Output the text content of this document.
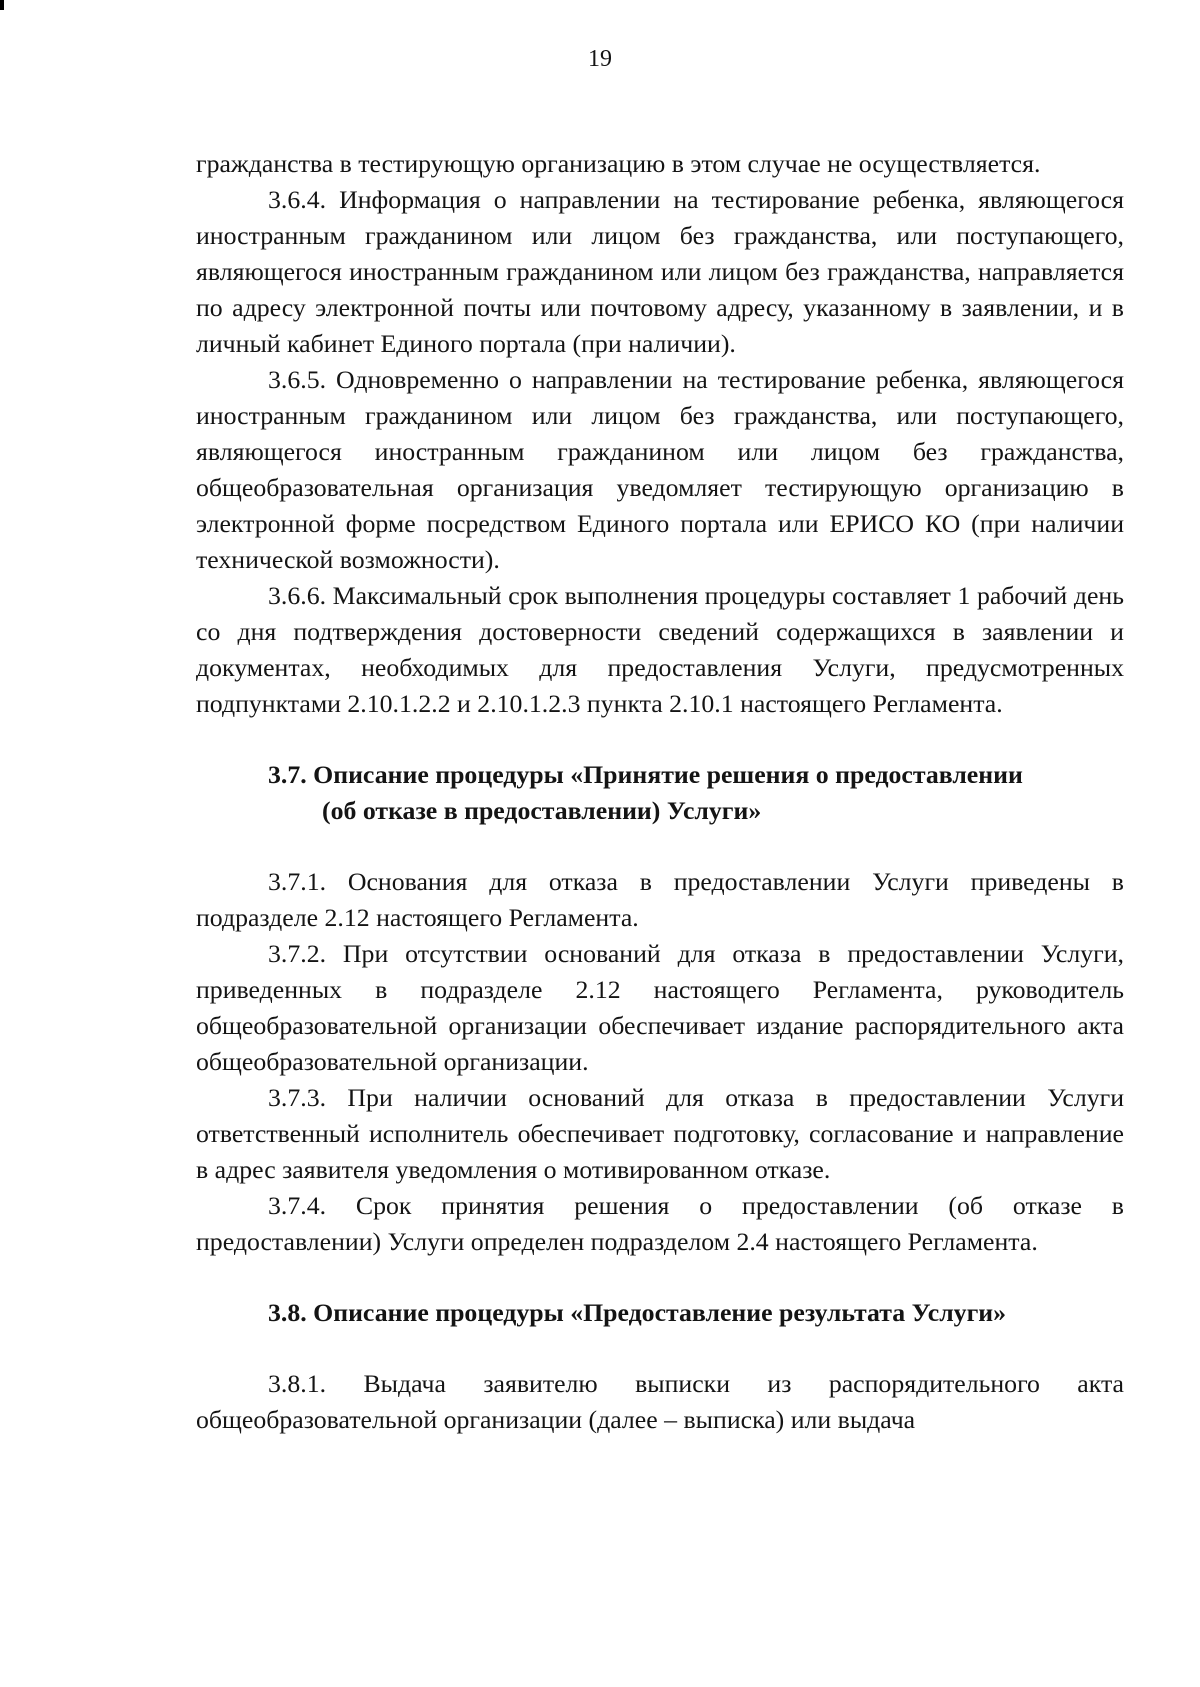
19

гражданства в тестирующую организацию в этом случае не осуществляется.

3.6.4. Информация о направлении на тестирование ребенка, являющегося иностранным гражданином или лицом без гражданства, или поступающего, являющегося иностранным гражданином или лицом без гражданства, направляется по адресу электронной почты или почтовому адресу, указанному в заявлении, и в личный кабинет Единого портала (при наличии).

3.6.5. Одновременно о направлении на тестирование ребенка, являющегося иностранным гражданином или лицом без гражданства, или поступающего, являющегося иностранным гражданином или лицом без гражданства, общеобразовательная организация уведомляет тестирующую организацию в электронной форме посредством Единого портала или ЕРИСО КО (при наличии технической возможности).

3.6.6. Максимальный срок выполнения процедуры составляет 1 рабочий день со дня подтверждения достоверности сведений содержащихся в заявлении и документах, необходимых для предоставления Услуги, предусмотренных подпунктами 2.10.1.2.2 и 2.10.1.2.3 пункта 2.10.1 настоящего Регламента.

3.7. Описание процедуры «Принятие решения о предоставлении
(об отказе в предоставлении) Услуги»

3.7.1. Основания для отказа в предоставлении Услуги приведены в подразделе 2.12 настоящего Регламента.

3.7.2. При отсутствии оснований для отказа в предоставлении Услуги, приведенных в подразделе 2.12 настоящего Регламента, руководитель общеобразовательной организации обеспечивает издание распорядительного акта общеобразовательной организации.

3.7.3. При наличии оснований для отказа в предоставлении Услуги ответственный исполнитель обеспечивает подготовку, согласование и направление в адрес заявителя уведомления о мотивированном отказе.

3.7.4. Срок принятия решения о предоставлении (об отказе в предоставлении) Услуги определен подразделом 2.4 настоящего Регламента.

3.8. Описание процедуры «Предоставление результата Услуги»

3.8.1. Выдача заявителю выписки из распорядительного акта общеобразовательной организации (далее – выписка) или выдача
